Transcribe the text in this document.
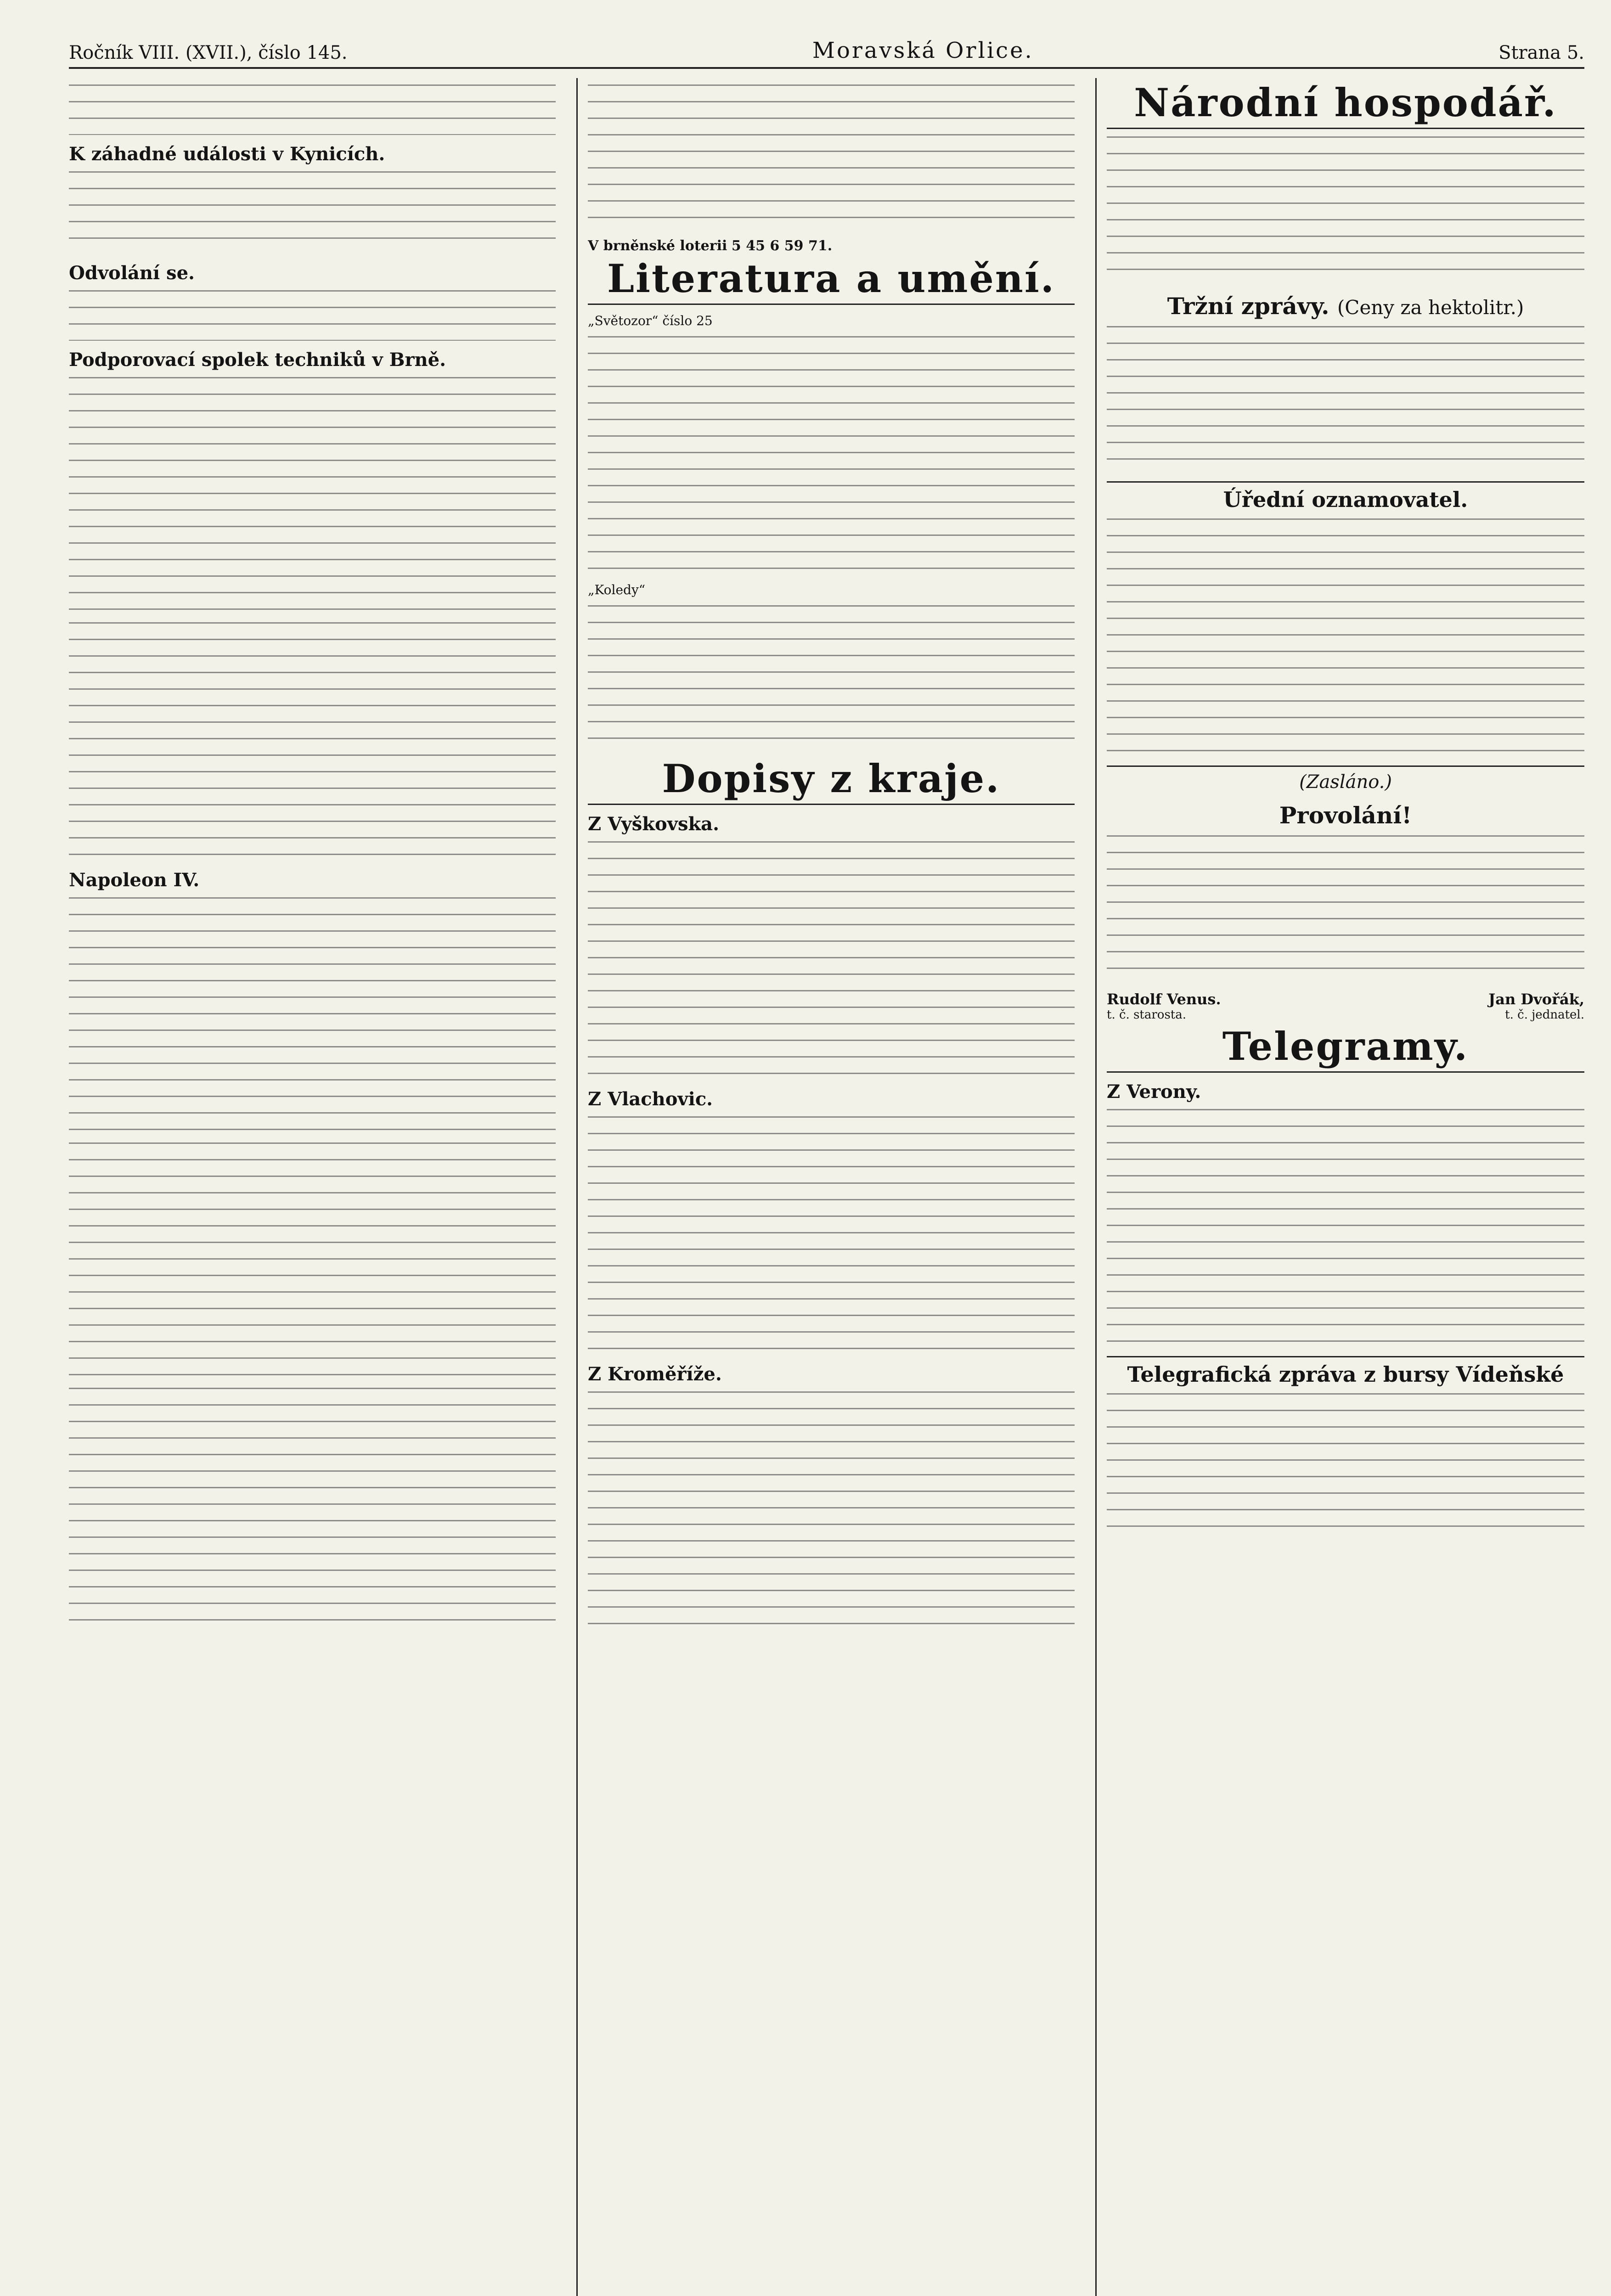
Ročník VIII. (XVII.), číslo 145.	Moravská Orlice.	Strana 5.
K záhadné události v Kynicích.
Odvolání se.
Podporovací spolek techniků v Brně.
Napoleon IV.
V brněnské loterii 5 45 6 59 71.
Literatura a umění.
„Světozor“ číslo 25
„Koledy“
Dopisy z kraje.
Z Vyškovska.
Z Vlachovic.
Z Kroměříže.
Národní hospodář.
Tržní zprávy. (Ceny za hektolitr.)
Úřední oznamovatel.
(Zasláno.)
Provolání!
Rudolf Venus.	Jan Dvořák,
t. č. starosta.	t. č. jednatel.
Telegramy.
Z Verony.
Telegrafická zpráva z bursy Vídeňské
